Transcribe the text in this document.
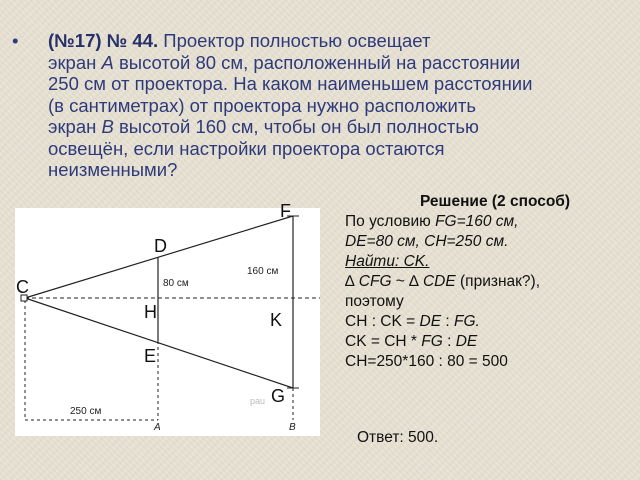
• (№17) № 44. Проектор полностью освещает
экран A высотой 80 см, расположенный на расстоянии
250 см от проектора. На каком наименьшем расстоянии
(в сантиметрах) от проектора нужно расположить
экран B высотой 160 см, чтобы он был полностью
освещён, если настройки проектора остаются
неизменными?

80 см
160 см
250 см
A	B
pau
F
D
C
H	K
E
G
Решение (2 способ)
По условию FG=160 см,
DE=80 см, CH=250 см.
Найти: CK.
∆ CFG ~ ∆ CDE (признак?),
поэтому
CH : CK = DE : FG.
CK = CH * FG : DE
CH=250*160 : 80 = 500
Ответ: 500.
